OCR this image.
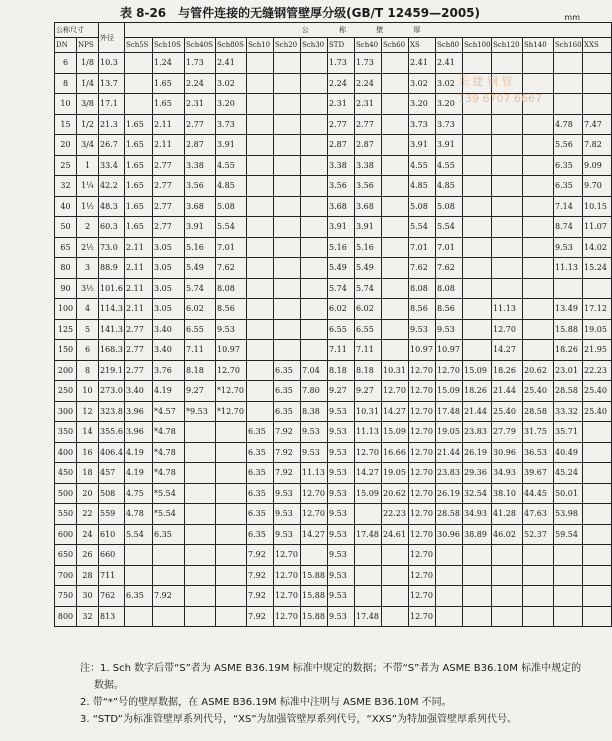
表 8-26　与管件连接的无缝钢管壁厚分级(GB/T 12459—2005)	mm
公称尺寸		外径	公 称 壁 厚																
DN	NPS		Sch5S	Sch10S	Sch40S	Sch80S	Sch10	Sch20	Sch30	STD	Sch40	Sch60	XS	Sch80	Sch100	Sch120	Sh140	Sch160	XXS

6	1/8	10.3		1.24	1.73	2.41				1.73	1.73		2.41	2.41					
8	1/4	13.7		1.65	2.24	3.02				2.24	2.24		3.02	3.02					
10	3/8	17.1		1.65	2.31	3.20				2.31	2.31		3.20	3.20					
15	1/2	21.3	1.65	2.11	2.77	3.73				2.77	2.77		3.73	3.73				4.78	7.47
20	3/4	26.7	1.65	2.11	2.87	3.91				2.87	2.87		3.91	3.91				5.56	7.82
25	1	33.4	1.65	2.77	3.38	4.55				3.38	3.38		4.55	4.55				6.35	9.09
32	1¼	42.2	1.65	2.77	3.56	4.85				3.56	3.56		4.85	4.85				6.35	9.70
40	1½	48.3	1.65	2.77	3.68	5.08				3.68	3.68		5.08	5.08				7.14	10.15
50	2	60.3	1.65	2.77	3.91	5.54				3.91	3.91		5.54	5.54				8.74	11.07
65	2½	73.0	2.11	3.05	5.16	7.01				5.16	5.16		7.01	7.01				9.53	14.02
80	3	88.9	2.11	3.05	5.49	7.62				5.49	5.49		7.62	7.62				11.13	15.24
90	3½	101.6	2.11	3.05	5.74	8.08				5.74	5.74		8.08	8.08					
100	4	114.3	2.11	3.05	6.02	8.56				6.02	6.02		8.56	8.56		11.13		13.49	17.12
125	5	141.3	2.77	3.40	6.55	9.53				6.55	6.55		9.53	9.53		12.70		15.88	19.05
150	6	168.3	2.77	3.40	7.11	10.97				7.11	7.11		10.97	10.97		14.27		18.26	21.95
200	8	219.1	2.77	3.76	8.18	12.70		6.35	7.04	8.18	8.18	10.31	12.70	12.70	15.09	18.26	20.62	23.01	22.23
250	10	273.0	3.40	4.19	9.27	*12.70		6.35	7.80	9.27	9.27	12.70	12.70	15.09	18.26	21.44	25.40	28.58	25.40
300	12	323.8	3.96	*4.57	*9.53	*12.70		6.35	8.38	9.53	10.31	14.27	12.70	17.48	21.44	25.40	28.58	33.32	25.40
350	14	355.6	3.96	*4.78			6.35	7.92	9.53	9.53	11.13	15.09	12.70	19.05	23.83	27.79	31.75	35.71	
400	16	406.4	4.19	*4.78			6.35	7.92	9.53	9.53	12.70	16.66	12.70	21.44	26.19	30.96	36.53	40.49	
450	18	457	4.19	*4.78			6.35	7.92	11.13	9.53	14.27	19.05	12.70	23.83	29.36	34.93	39.67	45.24	
500	20	508	4.75	*5.54			6.35	9.53	12.70	9.53	15.09	20.62	12.70	26.19	32.54	38.10	44.45	50.01	
550	22	559	4.78	*5.54			6.35	9.53	12.70	9.53		22.23	12.70	28.58	34.93	41.28	47.63	53.98	
600	24	610	5.54	6.35			6.35	9.53	14.27	9.53	17.48	24.61	12.70	30.96	38.89	46.02	52.37	59.54	
650	26	660					7.92	12.70		9.53			12.70						
700	28	711					7.92	12.70	15.88	9.53			12.70						
750	30	762	6.35	7.92			7.92	12.70	15.88	9.53			12.70						
800	32	813					7.92	12.70	15.88	9.53	17.48		12.70						
乐 捷 钢 管
139 6707 6667
注：1. Sch 数字后带“S”者为 ASME B36.19M 标准中规定的数据；不带“S”者为 ASME B36.10M 标准中规定的数据。
2. 带“*”号的壁厚数据，在 ASME B36.19M 标准中注明与 ASME B36.10M 不同。
3. “STD”为标准管壁厚系列代号，“XS”为加强管壁厚系列代号，“XXS”为特加强管壁厚系列代号。
